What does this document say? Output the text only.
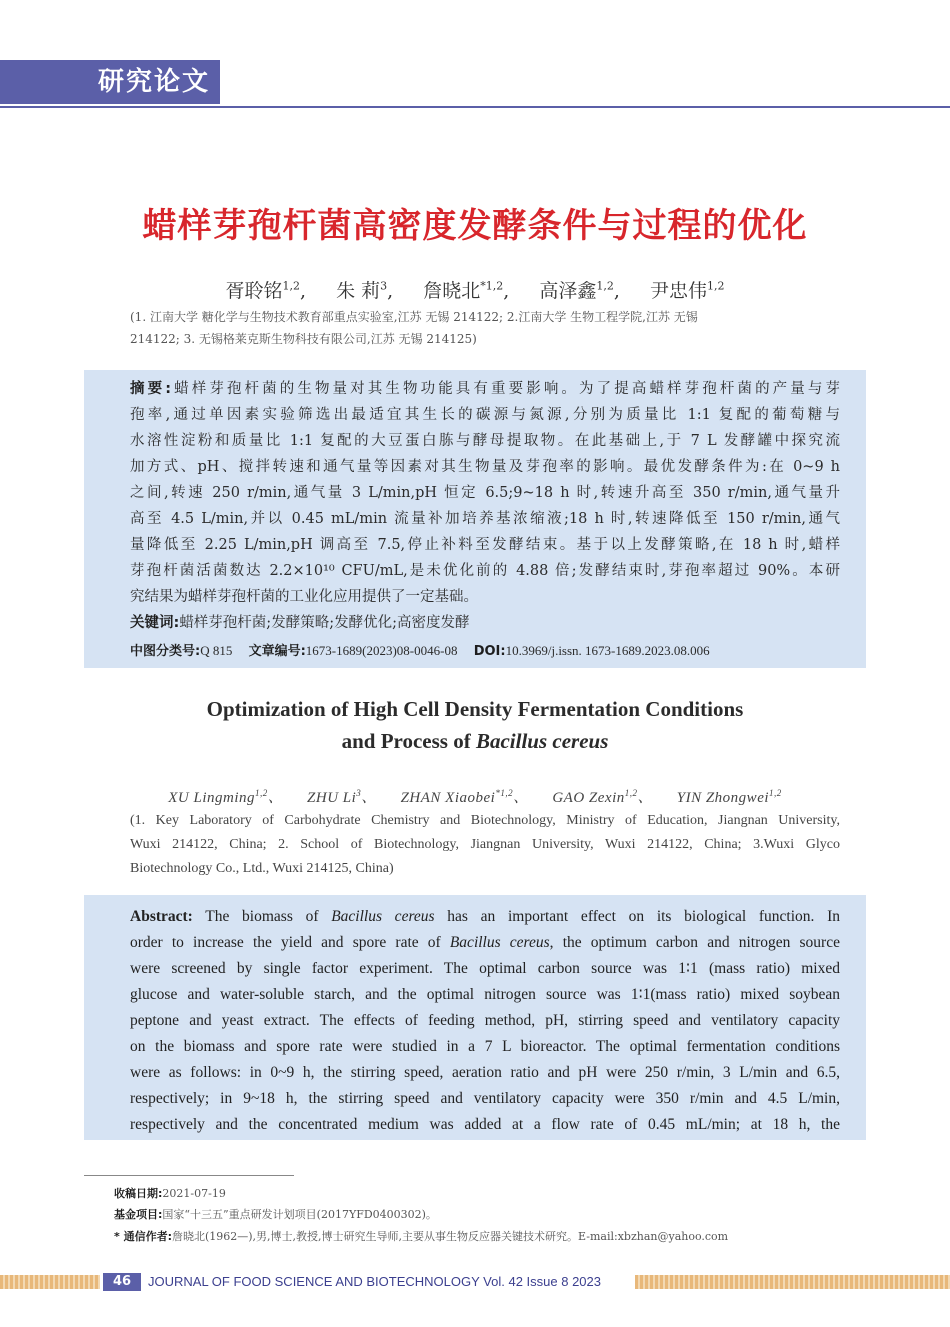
研究论文
蜡样芽孢杆菌高密度发酵条件与过程的优化
胥聆铭$^{1,2}$, 朱 莉$^3$, 詹晓北$^{*1,2}$, 高泽鑫$^{1,2}$, 尹忠伟$^{1,2}$
(1. 江南大学 糖化学与生物技术教育部重点实验室,江苏 无锡 214122; 2.江南大学 生物工程学院,江苏 无锡
214122; 3. 无锡格莱克斯生物科技有限公司,江苏 无锡 214125)
摘要:蜡样芽孢杆菌的生物量对其生物功能具有重要影响。为了提高蜡样芽孢杆菌的产量与芽
孢率,通过单因素实验筛选出最适宜其生长的碳源与氮源,分别为质量比 1:1 复配的葡萄糖与
水溶性淀粉和质量比 1:1 复配的大豆蛋白胨与酵母提取物。在此基础上,于 7 L 发酵罐中探究流
加方式、pH、搅拌转速和通气量等因素对其生物量及芽孢率的影响。最优发酵条件为:在 0~9 h
之间,转速 250 r/min,通气量 3 L/min,pH 恒定 6.5;9~18 h 时,转速升高至 350 r/min,通气量升
高至 4.5 L/min,并以 0.45 mL/min 流量补加培养基浓缩液;18 h 时,转速降低至 150 r/min,通气
量降低至 2.25 L/min,pH 调高至 7.5,停止补料至发酵结束。基于以上发酵策略,在 18 h 时,蜡样
芽孢杆菌活菌数达 2.2×10¹⁰ CFU/mL,是未优化前的 4.88 倍;发酵结束时,芽孢率超过 90%。本研
究结果为蜡样芽孢杆菌的工业化应用提供了一定基础。
关键词:蜡样芽孢杆菌;发酵策略;发酵优化;高密度发酵
中图分类号:Q 815 文章编号:1673-1689(2023)08-0046-08 DOI:10.3969/j.issn. 1673-1689.2023.08.006
Optimization of High Cell Density Fermentation Conditions
and Process of Bacillus cereus
XU Lingming$^{1,2}$、 ZHU Li$^3$、 ZHAN Xiaobei$^{*1,2}$、 GAO Zexin$^{1,2}$、 YIN Zhongwei$^{1,2}$
(1. Key Laboratory of Carbohydrate Chemistry and Biotechnology, Ministry of Education, Jiangnan University,
Wuxi 214122, China; 2. School of Biotechnology, Jiangnan University, Wuxi 214122, China; 3.Wuxi Glyco
Biotechnology Co., Ltd., Wuxi 214125, China)
Abstract: The biomass of Bacillus cereus has an important effect on its biological function. In
order to increase the yield and spore rate of Bacillus cereus, the optimum carbon and nitrogen source
were screened by single factor experiment. The optimal carbon source was 1∶1 (mass ratio) mixed
glucose and water-soluble starch, and the optimal nitrogen source was 1∶1(mass ratio) mixed soybean
peptone and yeast extract. The effects of feeding method, pH, stirring speed and ventilatory capacity
on the biomass and spore rate were studied in a 7 L bioreactor. The optimal fermentation conditions
were as follows: in 0~9 h, the stirring speed, aeration ratio and pH were 250 r/min, 3 L/min and 6.5,
respectively; in 9~18 h, the stirring speed and ventilatory capacity were 350 r/min and 4.5 L/min,
respectively and the concentrated medium was added at a flow rate of 0.45 mL/min; at 18 h, the
收稿日期:2021-07-19
基金项目:国家“十三五”重点研发计划项目(2017YFD0400302)。
* 通信作者:詹晓北(1962—),男,博士,教授,博士研究生导师,主要从事生物反应器关键技术研究。E-mail:xbzhan@yahoo.com
46	JOURNAL OF FOOD SCIENCE AND BIOTECHNOLOGY Vol. 42 Issue 8 2023
